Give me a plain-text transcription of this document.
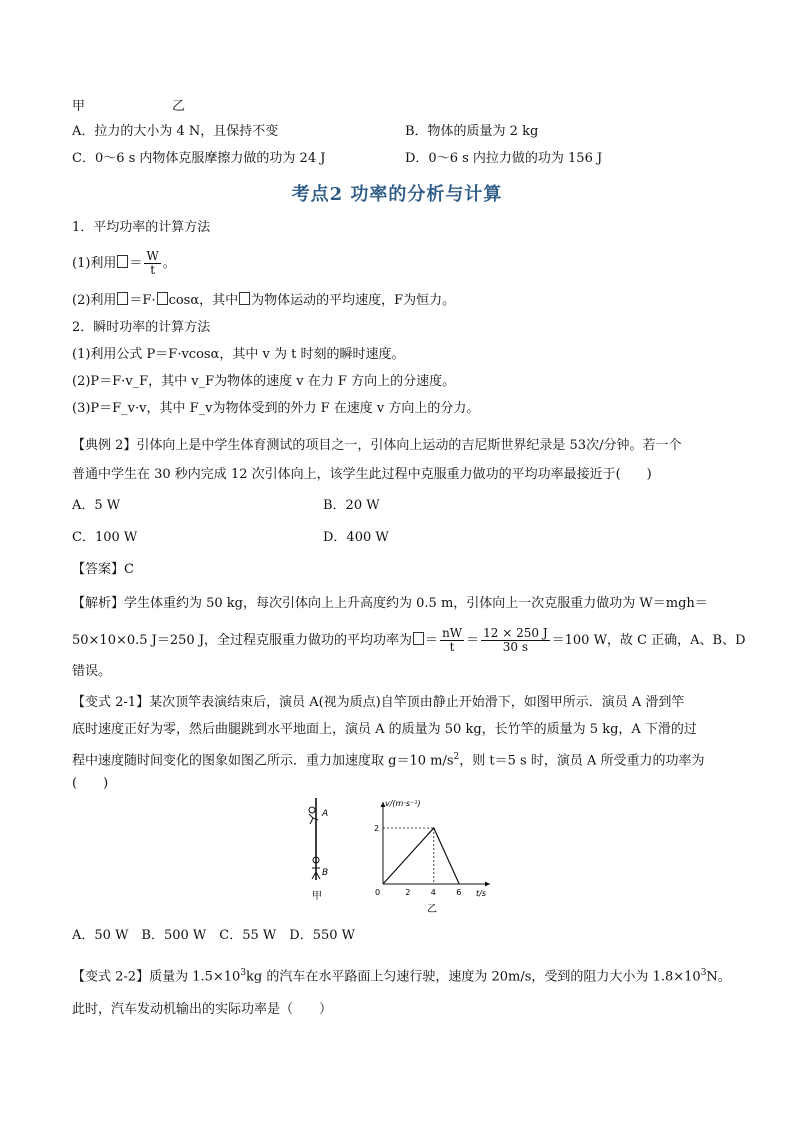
甲	乙
A．拉力的大小为 4 N，且保持不变	B．物体的质量为 2 kg
C．0～6 s 内物体克服摩擦力做的功为 24 J	D．0～6 s 内拉力做的功为 156 J
考点2 功率的分析与计算
1．平均功率的计算方法
(1)利用 ＝ $\frac{W}{t}$ 。
(2)利用 ＝F· cosα，其中 为物体运动的平均速度，F为恒力。
2．瞬时功率的计算方法
(1)利用公式 P＝F·vcosα，其中 v 为 t 时刻的瞬时速度。
(2)P＝F·v_F，其中 v_F为物体的速度 v 在力 F 方向上的分速度。
(3)P＝F_v·v，其中 F_v为物体受到的外力 F 在速度 v 方向上的分力。
【典例 2】引体向上是中学生体育测试的项目之一，引体向上运动的吉尼斯世界纪录是 53次/分钟。若一个
普通中学生在 30 秒内完成 12 次引体向上，该学生此过程中克服重力做功的平均功率最接近于(　　)
A．5 W	B．20 W
C．100 W	D．400 W
【答案】C
【解析】学生体重约为 50 kg，每次引体向上上升高度约为 0.5 m，引体向上一次克服重力做功为 W＝mgh＝
50×10×0.5 J＝250 J，全过程克服重力做功的平均功率为 ＝ $\frac{nW}{t} = \frac{12 \times 250 J}{30 s} =100$ W，故 C 正确，A、B、D
错误。
【变式 2-1】某次顶竿表演结束后，演员 A(视为质点)自竿顶由静止开始滑下，如图甲所示．演员 A 滑到竿
底时速度正好为零，然后曲腿跳到水平地面上，演员 A 的质量为 50 kg，长竹竿的质量为 5 kg，A 下滑的过
程中速度随时间变化的图象如图乙所示．重力加速度取 g＝10 $m/s^2$，则 t＝5 s 时，演员 A 所受重力的功率为
(　　)
A
B
甲
v/(m·s⁻¹)
t/s
0	2	4	6
2
乙
A．50 W　B．500 W　C．55 W　D．550 W
【变式 2-2】质量为 $1.5\times 10^3kg$ 的汽车在水平路面上匀速行驶，速度为 20m/s，受到的阻力大小为 $1.8\times 10^3N$。
此时，汽车发动机输出的实际功率是（　　）
